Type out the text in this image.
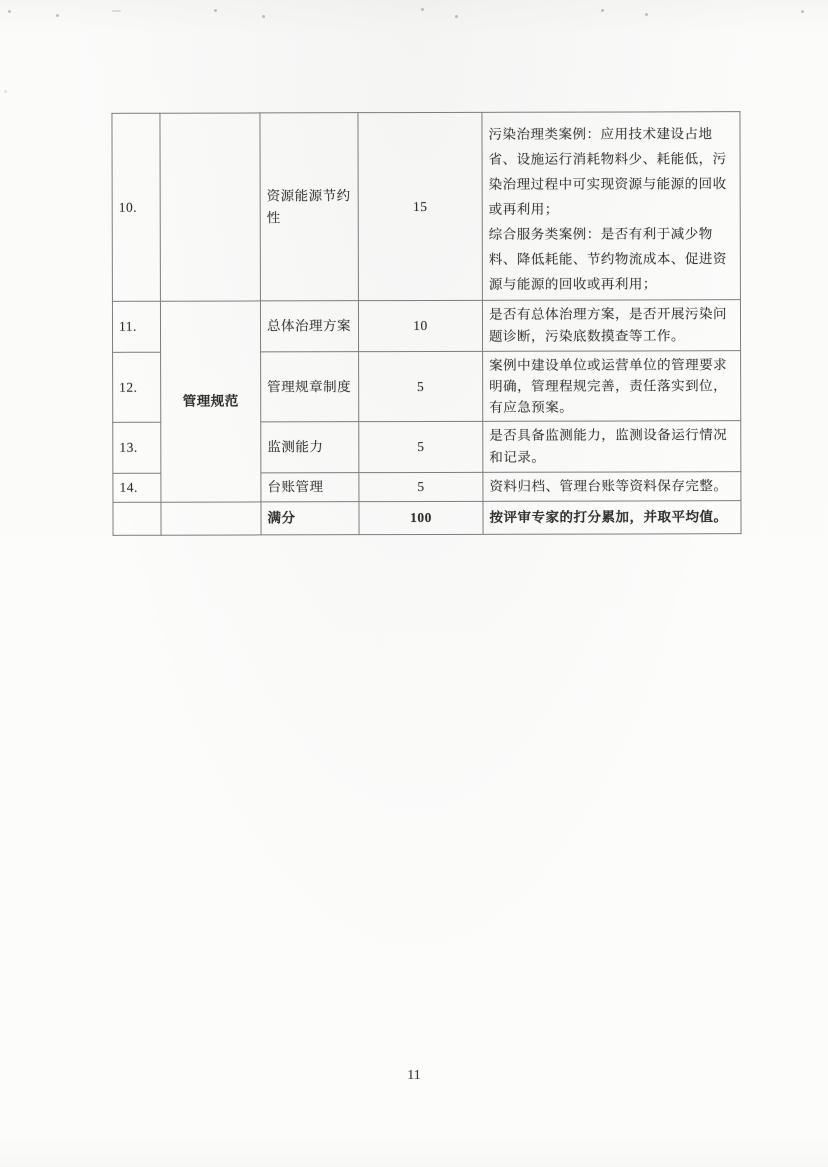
10.		资源能源节约性	15	污染治理类案例：应用技术建设占地省、设施运行消耗物料少、耗能低，污染治理过程中可实现资源与能源的回收或再利用；
综合服务类案例：是否有利于减少物料、降低耗能、节约物流成本、促进资源与能源的回收或再利用；

11.	管理规范	总体治理方案	10	是否有总体治理方案，是否开展污染问题诊断，污染底数摸查等工作。
12.		管理规章制度	5	案例中建设单位或运营单位的管理要求明确，管理程规完善，责任落实到位，有应急预案。
13.		监测能力	5	是否具备监测能力，监测设备运行情况和记录。
14.		台账管理	5	资料归档、管理台账等资料保存完整。
		满分	100	按评审专家的打分累加，并取平均值。
11
